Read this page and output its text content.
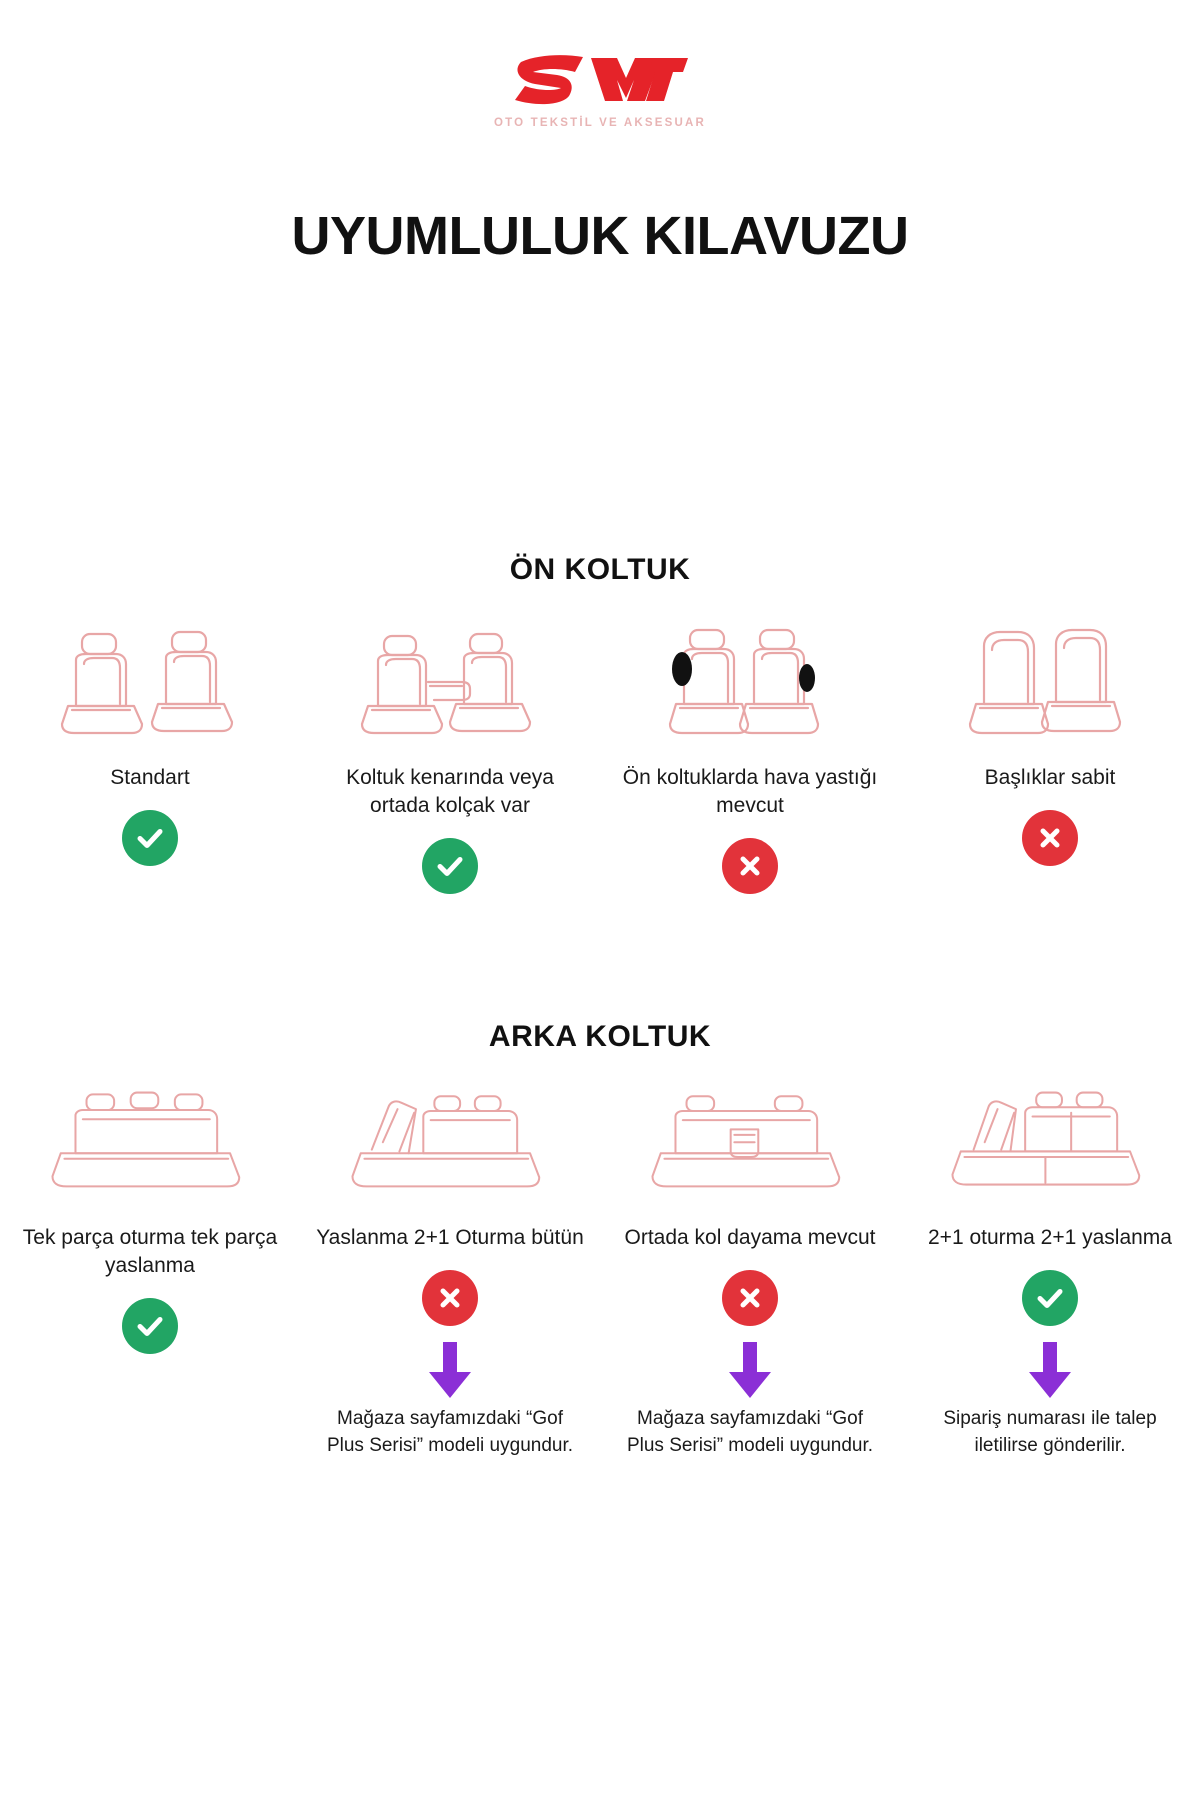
OTO TEKSTİL VE AKSESUAR
UYUMLULUK KILAVUZU
ÖN KOLTUK
Standart	Koltuk kenarında veya ortada kolçak var
Ön koltuklarda hava yastığı mevcut
Başlıklar sabit
ARKA KOLTUK
Tek parça oturma tek parça yaslanma
Yaslanma 2+1 Oturma bütün
Mağaza sayfamızdaki “Gof Plus Serisi” modeli uygundur.
Ortada kol dayama mevcut
Mağaza sayfamızdaki “Gof Plus Serisi” modeli uygundur.
2+1 oturma 2+1 yaslanma
Sipariş numarası ile talep iletilirse gönderilir.
